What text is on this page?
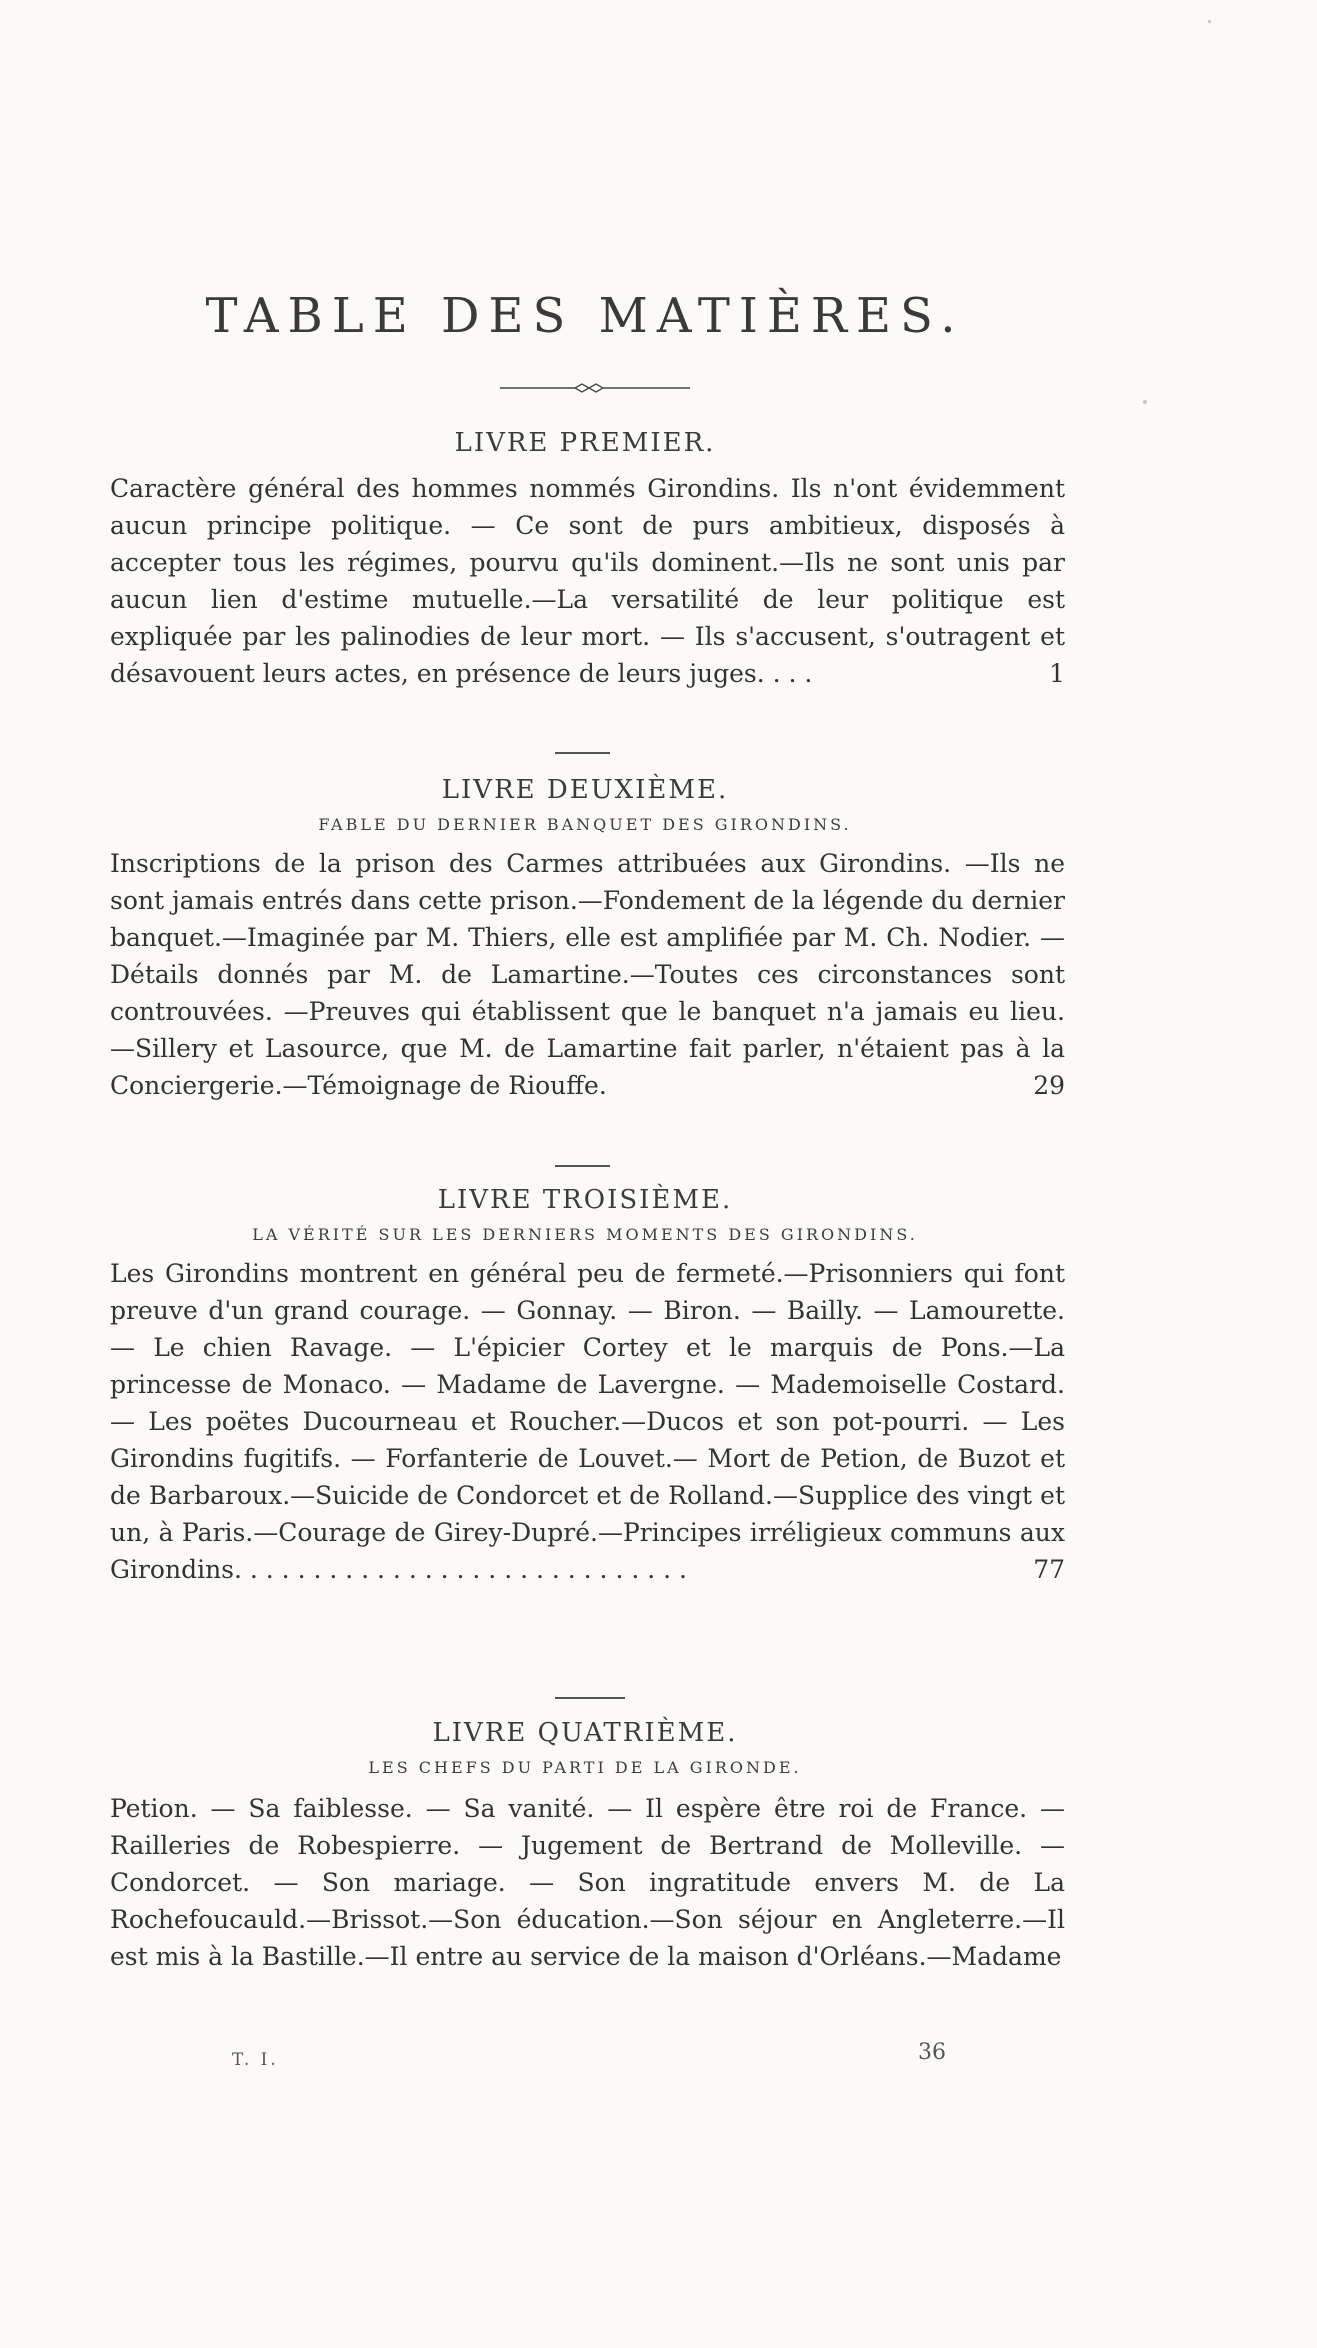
TABLE DES MATIÈRES.
LIVRE PREMIER.

Caractère général des hommes nommés Girondins. Ils n'ont évidemment aucun principe politique. — Ce sont de purs ambitieux, disposés à accepter tous les régimes, pourvu qu'ils dominent.—Ils ne sont unis par aucun lien d'estime mutuelle.—La versatilité de leur politique est expliquée par les palinodies de leur mort. — Ils s'accusent, s'outragent et désavouent leurs actes, en présence de leurs juges. . . .	1

LIVRE DEUXIÈME.
FABLE DU DERNIER BANQUET DES GIRONDINS.

Inscriptions de la prison des Carmes attribuées aux Girondins. —Ils ne sont jamais entrés dans cette prison.—Fondement de la légende du dernier banquet.—Imaginée par M. Thiers, elle est amplifiée par M. Ch. Nodier. —Détails donnés par M. de Lamartine.—Toutes ces circonstances sont controuvées. —Preuves qui établissent que le banquet n'a jamais eu lieu. —Sillery et Lasource, que M. de Lamartine fait parler, n'étaient pas à la Conciergerie.—Témoignage de Riouffe.	29

LIVRE TROISIÈME.
LA VÉRITÉ SUR LES DERNIERS MOMENTS DES GIRONDINS.

Les Girondins montrent en général peu de fermeté.—Prisonniers qui font preuve d'un grand courage. — Gonnay. — Biron. — Bailly. — Lamourette. — Le chien Ravage. — L'épicier Cortey et le marquis de Pons.—La princesse de Monaco. — Madame de Lavergne. — Mademoiselle Costard. — Les poëtes Ducourneau et Roucher.—Ducos et son pot-pourri. — Les Girondins fugitifs. — Forfanterie de Louvet.— Mort de Petion, de Buzot et de Barbaroux.—Suicide de Condorcet et de Rolland.—Supplice des vingt et un, à Paris.—Courage de Girey-Dupré.—Principes irréligieux communs aux Girondins. . . . . . . . . . . . . . . . . . . . . . . . . . . . .	77

LIVRE QUATRIÈME.
LES CHEFS DU PARTI DE LA GIRONDE.

Petion. — Sa faiblesse. — Sa vanité. — Il espère être roi de France. — Railleries de Robespierre. — Jugement de Bertrand de Molleville. — Condorcet. — Son mariage. — Son ingratitude envers M. de La Rochefoucauld.—Brissot.—Son éducation.—Son séjour en Angleterre.—Il est mis à la Bastille.—Il entre au service de la maison d'Orléans.—Madame

T. I.	36
